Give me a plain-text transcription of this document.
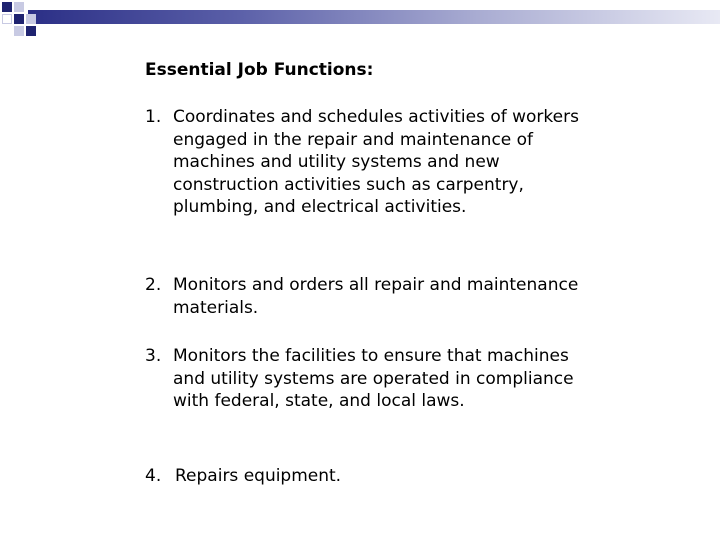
Essential Job Functions:
1. Coordinates and schedules activities of workers engaged in the repair and maintenance of machines and utility systems and new construction activities such as carpentry, plumbing, and electrical activities.
2. Monitors and orders all repair and maintenance materials.
3. Monitors the facilities to ensure that machines and utility systems are operated in compliance with federal, state, and local laws.
4. Repairs equipment.
